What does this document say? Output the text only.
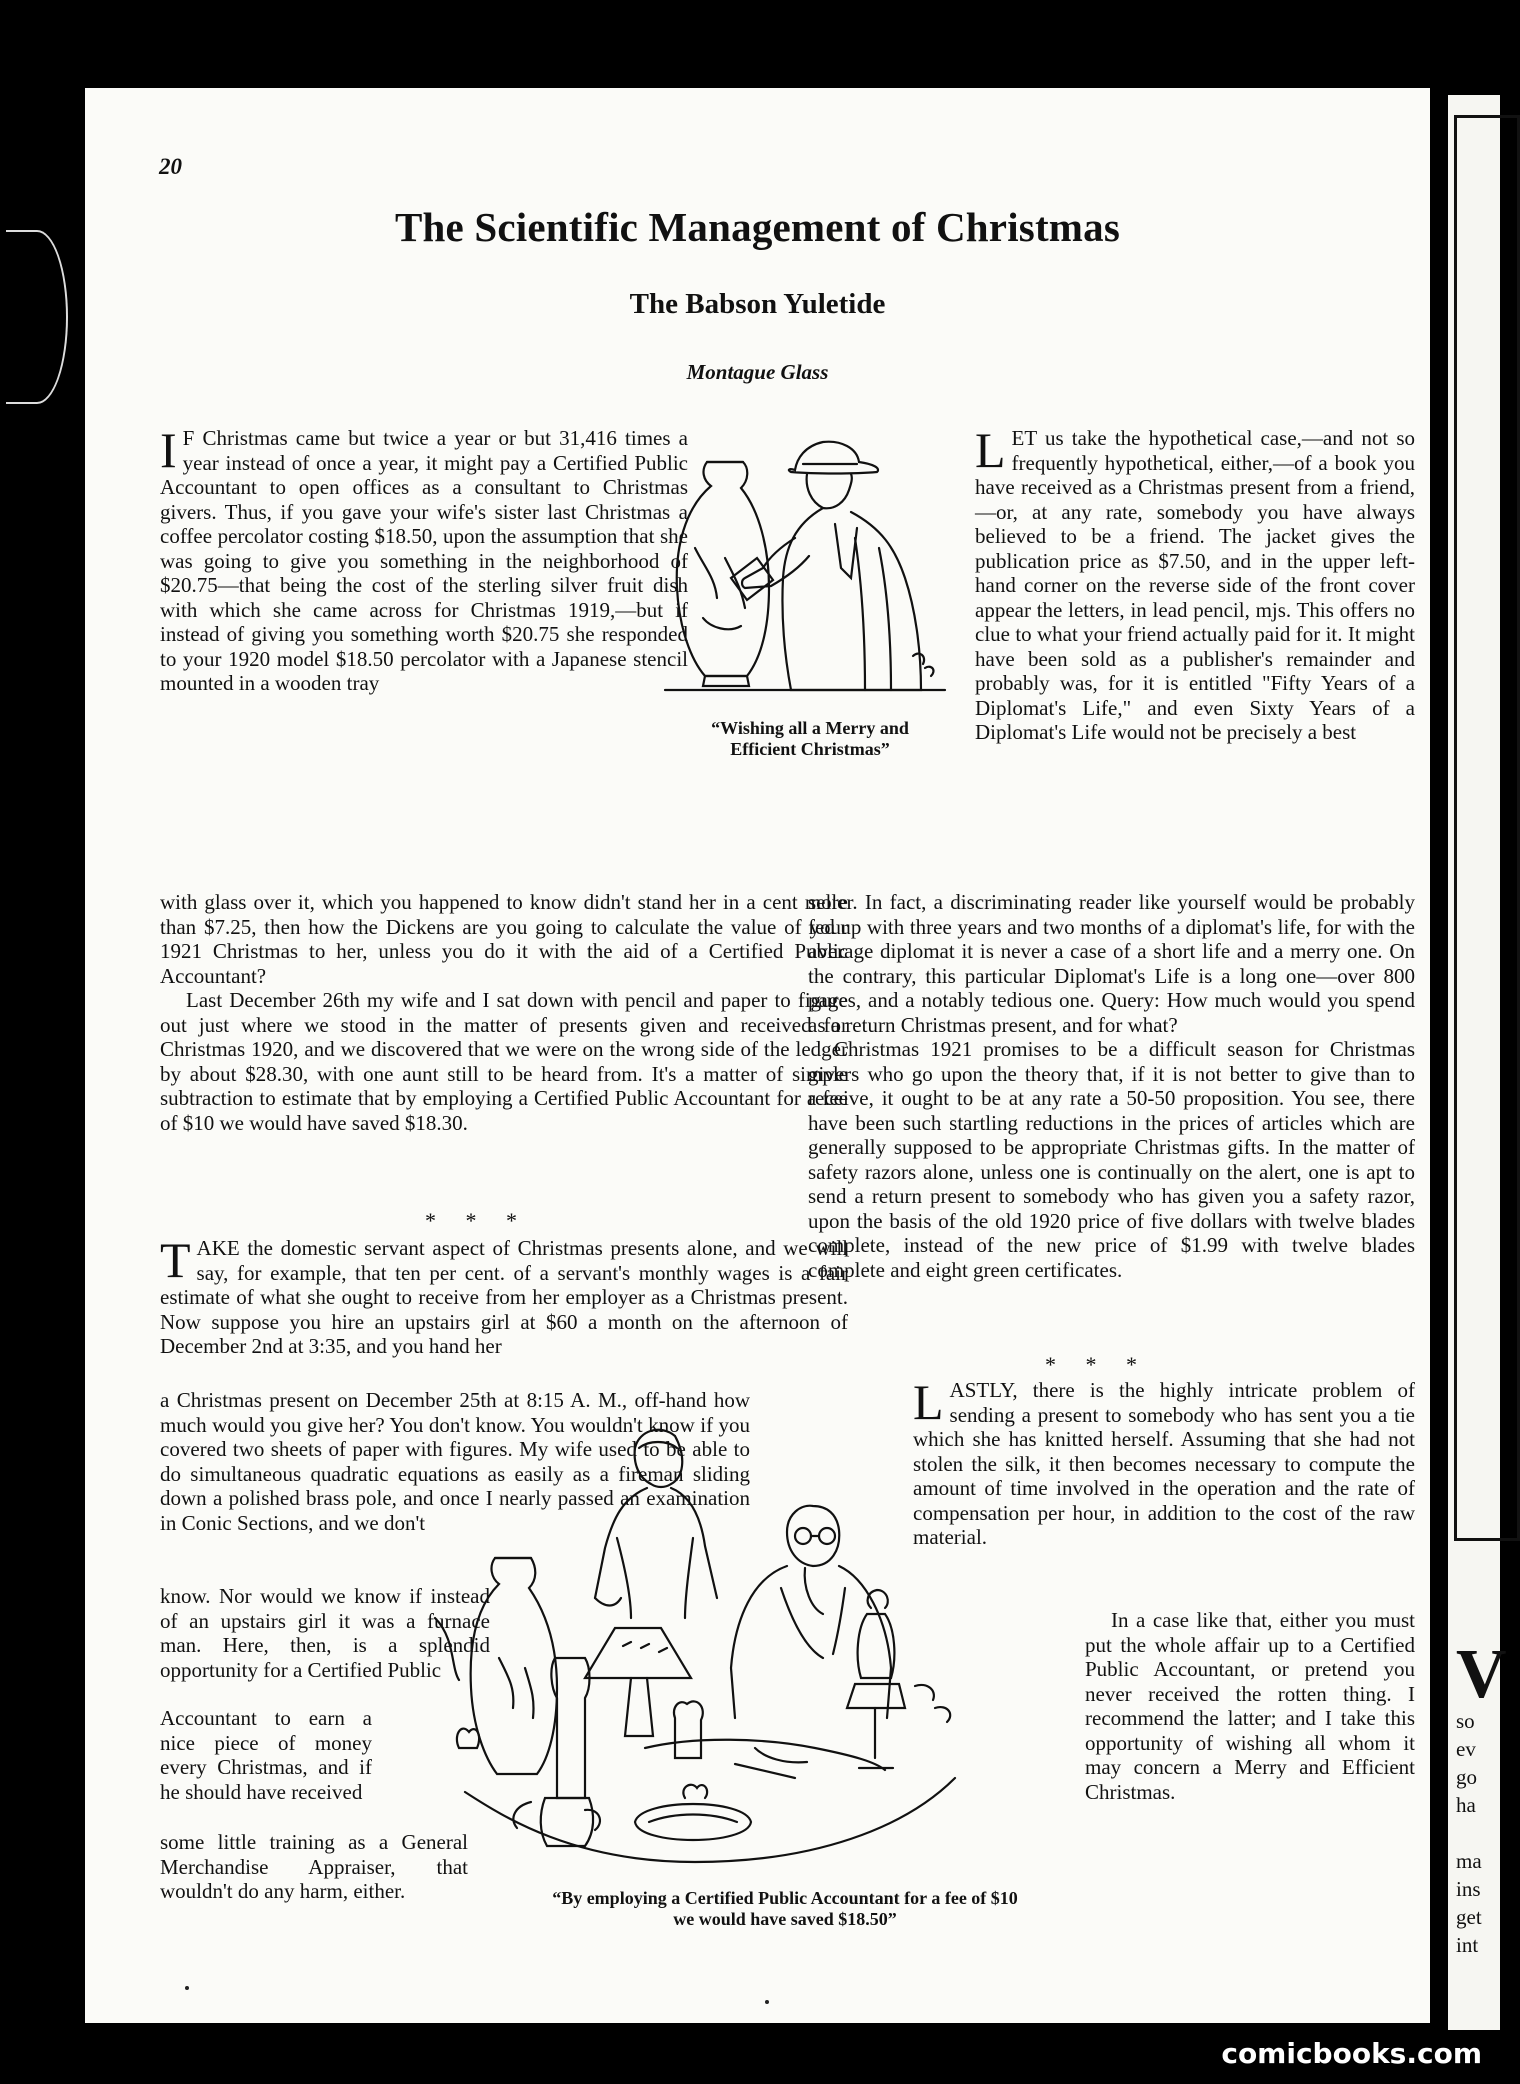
V
so
ev
go
ha
ma
ins
get
int
20
The Scientific Management of Christmas
The Babson Yuletide
Montague Glass

I F Christmas came but twice a year or but 31,416 times a year instead of once a year, it might pay a Certified Public Accountant to open offices as a consultant to Christmas givers. Thus, if you gave your wife's sister last Christmas a coffee percolator costing $18.50, upon the assumption that she was going to give you something in the neighborhood of $20.75—that being the cost of the sterling silver fruit dish with which she came across for Christmas 1919,—but if instead of giving you something worth $20.75 she responded to your 1920 model $18.50 percolator with a Japanese stencil mounted in a wooden tray

with glass over it, which you happened to know didn't stand her in a cent more than $7.25, then how the Dickens are you going to calculate the value of your 1921 Christmas to her, unless you do it with the aid of a Certified Public Accountant?

Last December 26th my wife and I sat down with pencil and paper to figure out just where we stood in the matter of presents given and received for Christmas 1920, and we discovered that we were on the wrong side of the ledger by about $28.30, with one aunt still to be heard from. It's a matter of simple subtraction to estimate that by employing a Certified Public Accountant for a fee of $10 we would have saved $18.30.

* * *

TAKE the domestic servant aspect of Christmas presents alone, and we will say, for example, that ten per cent. of a servant's monthly wages is a fair estimate of what she ought to receive from her employer as a Christmas present. Now suppose you hire an upstairs girl at $60 a month on the afternoon of December 2nd at 3:35, and you hand her

a Christmas present on December 25th at 8:15 A. M., off-hand how much would you give her? You don't know. You wouldn't know if you covered two sheets of paper with figures. My wife used to be able to do simultaneous quadratic equations as easily as a fireman sliding down a polished brass pole, and once I nearly passed an examination in Conic Sections, and we don't

know. Nor would we know if instead of an upstairs girl it was a furnace man. Here, then, is a splendid opportunity for a Certified Public

Accountant to earn a nice piece of money every Christmas, and if he should have received

some little training as a General Merchandise Appraiser, that wouldn't do any harm, either.

LET us take the hypothetical case,—and not so frequently hypothetical, either,—of a book you have received as a Christmas present from a friend,—or, at any rate, somebody you have always believed to be a friend. The jacket gives the publication price as $7.50, and in the upper left-hand corner on the reverse side of the front cover appear the letters, in lead pencil, mjs. This offers no clue to what your friend actually paid for it. It might have been sold as a publisher's remainder and probably was, for it is entitled "Fifty Years of a Diplomat's Life," and even Sixty Years of a Diplomat's Life would not be precisely a best

seller. In fact, a discriminating reader like yourself would be probably fed up with three years and two months of a diplomat's life, for with the average diplomat it is never a case of a short life and a merry one. On the contrary, this particular Diplomat's Life is a long one—over 800 pages, and a notably tedious one. Query: How much would you spend as a return Christmas present, and for what?

Christmas 1921 promises to be a difficult season for Christmas givers who go upon the theory that, if it is not better to give than to receive, it ought to be at any rate a 50-50 proposition. You see, there have been such startling reductions in the prices of articles which are generally supposed to be appropriate Christmas gifts. In the matter of safety razors alone, unless one is continually on the alert, one is apt to send a return present to somebody who has given you a safety razor, upon the basis of the old 1920 price of five dollars with twelve blades complete, instead of the new price of $1.99 with twelve blades complete and eight green certificates.

* * *

LASTLY, there is the highly intricate problem of sending a present to somebody who has sent you a tie which she has knitted herself. Assuming that she had not stolen the silk, it then becomes necessary to compute the amount of time involved in the operation and the rate of compensation per hour, in addition to the cost of the raw material.

In a case like that, either you must put the whole affair up to a Certified Public Accountant, or pretend you never received the rotten thing. I recommend the latter; and I take this opportunity of wishing all whom it may concern a Merry and Efficient Christmas.

“Wishing all a Merry and Efficient Christmas”
“By employing a Certified Public Accountant for a fee of $10 we would have saved $18.50”
comicbooks.com
